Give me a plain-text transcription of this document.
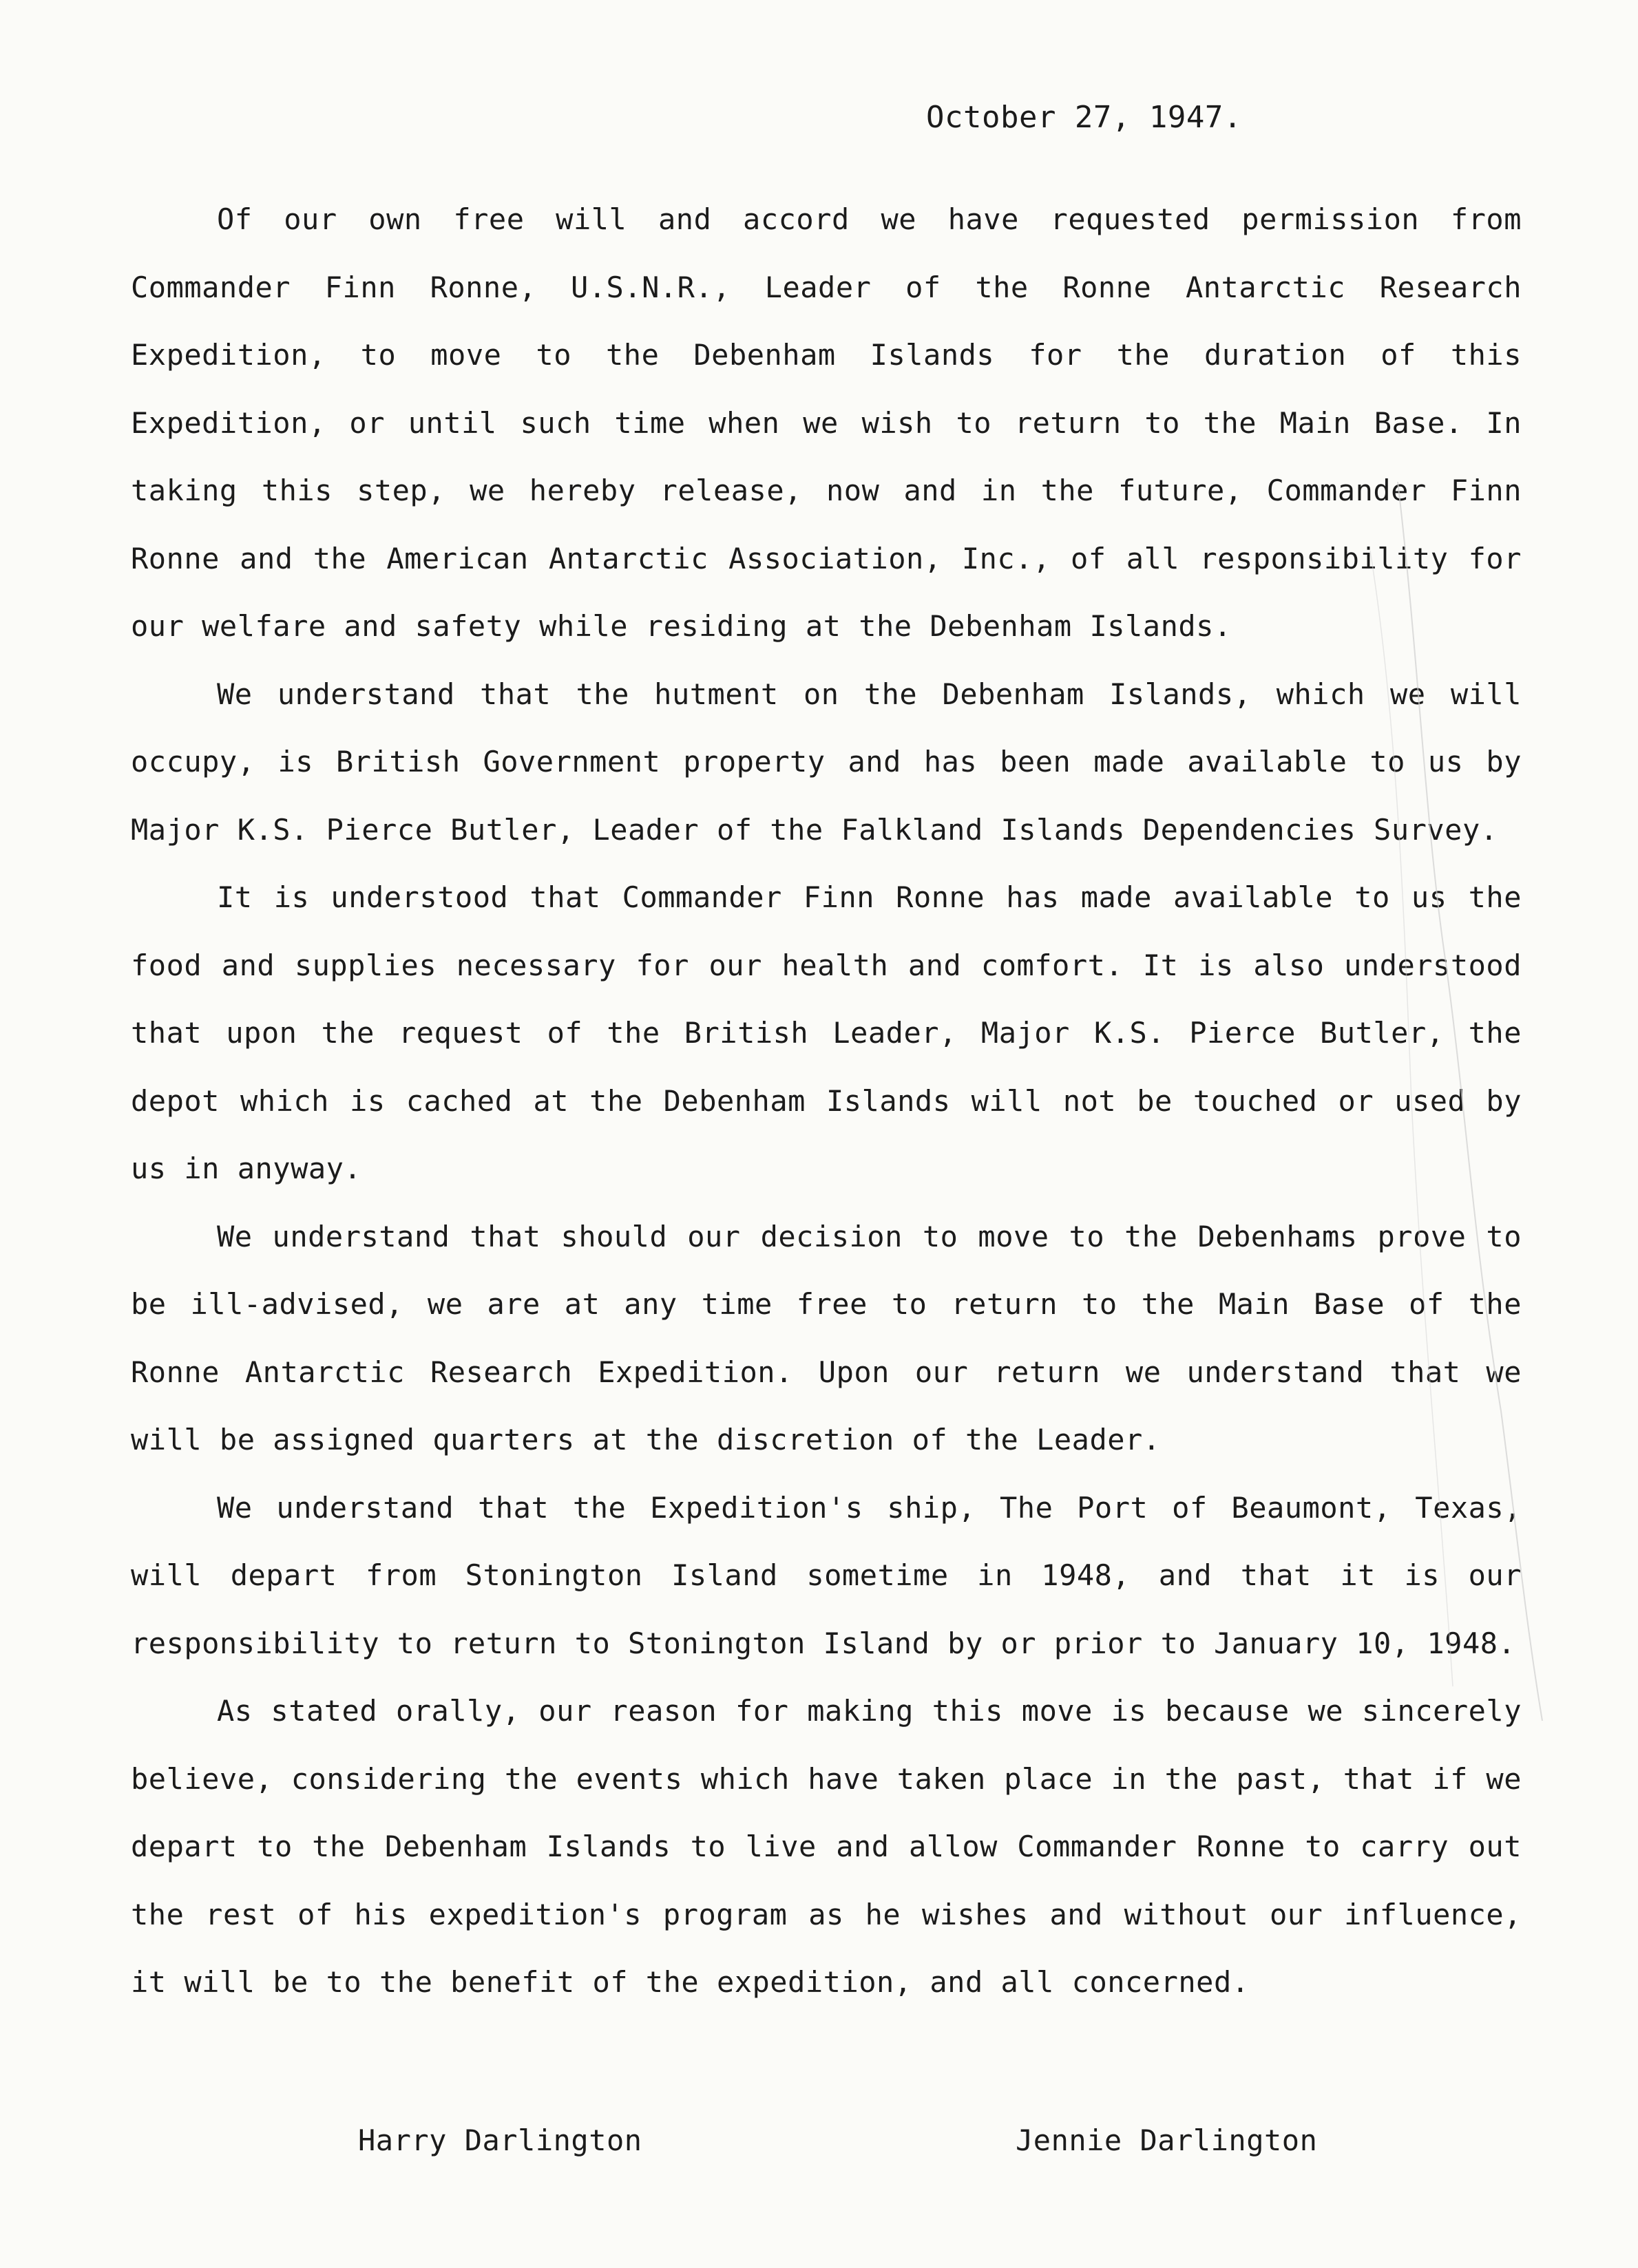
October 27, 1947.

Of our own free will and accord we have requested permission from Commander Finn Ronne, U.S.N.R., Leader of the Ronne Antarctic Research Expedition, to move to the Debenham Islands for the duration of this Expedition, or until such time when we wish to return to the Main Base. In taking this step, we hereby release, now and in the future, Commander Finn Ronne and the American Antarctic Association, Inc., of all responsibility for our welfare and safety while residing at the Debenham Islands.

We understand that the hutment on the Debenham Islands, which we will occupy, is British Government property and has been made available to us by Major K.S. Pierce Butler, Leader of the Falkland Islands Dependencies Survey.

It is understood that Commander Finn Ronne has made available to us the food and supplies necessary for our health and comfort. It is also understood that upon the request of the British Leader, Major K.S. Pierce Butler, the depot which is cached at the Debenham Islands will not be touched or used by us in anyway.

We understand that should our decision to move to the Debenhams prove to be ill-advised, we are at any time free to return to the Main Base of the Ronne Antarctic Research Expedition. Upon our return we understand that we will be assigned quarters at the discretion of the Leader.

We understand that the Expedition's ship, The Port of Beaumont, Texas, will depart from Stonington Island sometime in 1948, and that it is our responsibility to return to Stonington Island by or prior to January 10, 1948.

As stated orally, our reason for making this move is because we sincerely believe, considering the events which have taken place in the past, that if we depart to the Debenham Islands to live and allow Commander Ronne to carry out the rest of his expedition's program as he wishes and without our influence, it will be to the benefit of the expedition, and all concerned.

Harry Darlington	Jennie Darlington
